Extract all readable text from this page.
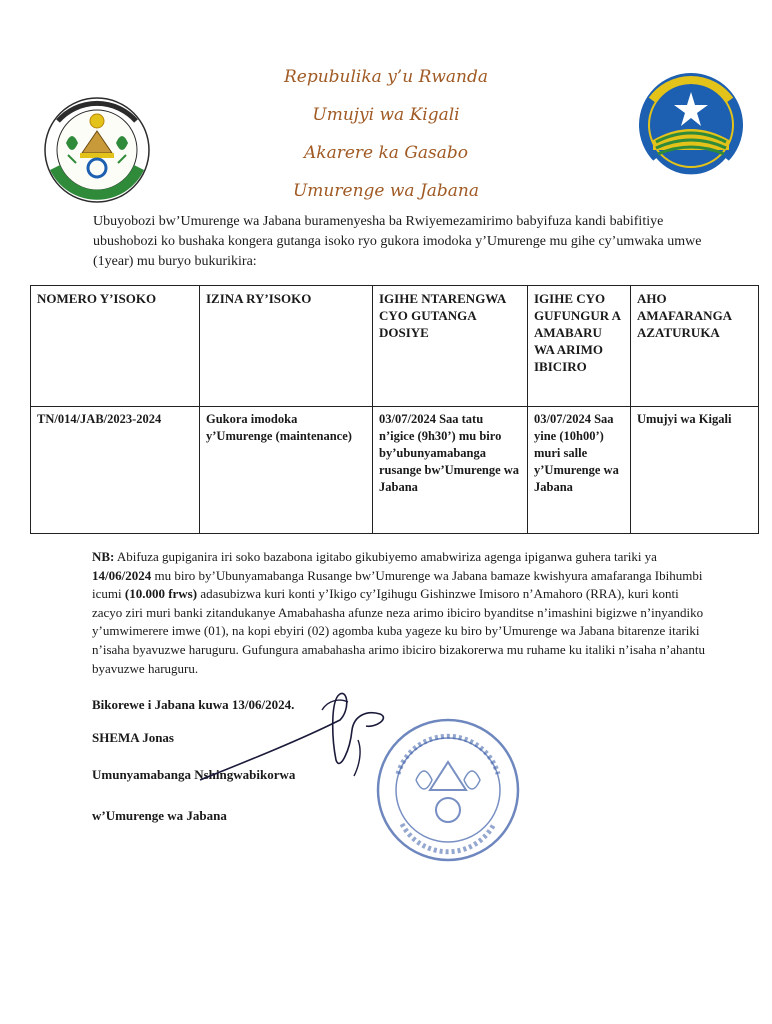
Repubulika y’u Rwanda
Umujyi wa Kigali
Akarere ka Gasabo
Umurenge wa Jabana
Ubuyobozi bw’Umurenge wa Jabana buramenyesha ba Rwiyemezamirimo babyifuza kandi babifitiye ubushobozi ko bushaka kongera gutanga isoko ryo gukora imodoka y’Umurenge mu gihe cy’umwaka umwe (1year) mu buryo bukurikira:
NOMERO Y’ISOKO	IZINA RY’ISOKO	IGIHE NTARENGWA CYO GUTANGA DOSIYE	IGIHE CYO GUFUNGUR A AMABARU WA ARIMO IBICIRO	AHO AMAFARANGA AZATURUKA
TN/014/JAB/2023-2024	Gukora imodoka y’Umurenge (maintenance)	03/07/2024 Saa tatu n’igice (9h30’) mu biro by’ubunyamabanga rusange bw’Umurenge wa Jabana	03/07/2024 Saa yine (10h00’) muri salle y’Umurenge wa Jabana	Umujyi wa Kigali
NB: Abifuza gupiganira iri soko bazabona igitabo gikubiyemo amabwiriza agenga ipiganwa guhera tariki ya 14/06/2024 mu biro by’Ubunyamabanga Rusange bw’Umurenge wa Jabana bamaze kwishyura amafaranga Ibihumbi icumi (10.000 frws) adasubizwa kuri konti y’Ikigo cy’Igihugu Gishinzwe Imisoro n’Amahoro (RRA), kuri konti zacyo ziri muri banki zitandukanye Amabahasha afunze neza arimo ibiciro byanditse n’imashini bigizwe n’inyandiko y’umwimerere imwe (01), na kopi ebyiri (02) agomba kuba yageze ku biro by’Umurenge wa Jabana bitarenze itariki n’isaha byavuzwe haruguru. Gufungura amabahasha arimo ibiciro bizakorerwa mu ruhame ku italiki n’isaha n’ahantu byavuzwe haruguru.
Bikorewe i Jabana kuwa 13/06/2024.
SHEMA Jonas
Umunyamabanga Nshingwabikorwa
w’Umurenge wa Jabana
